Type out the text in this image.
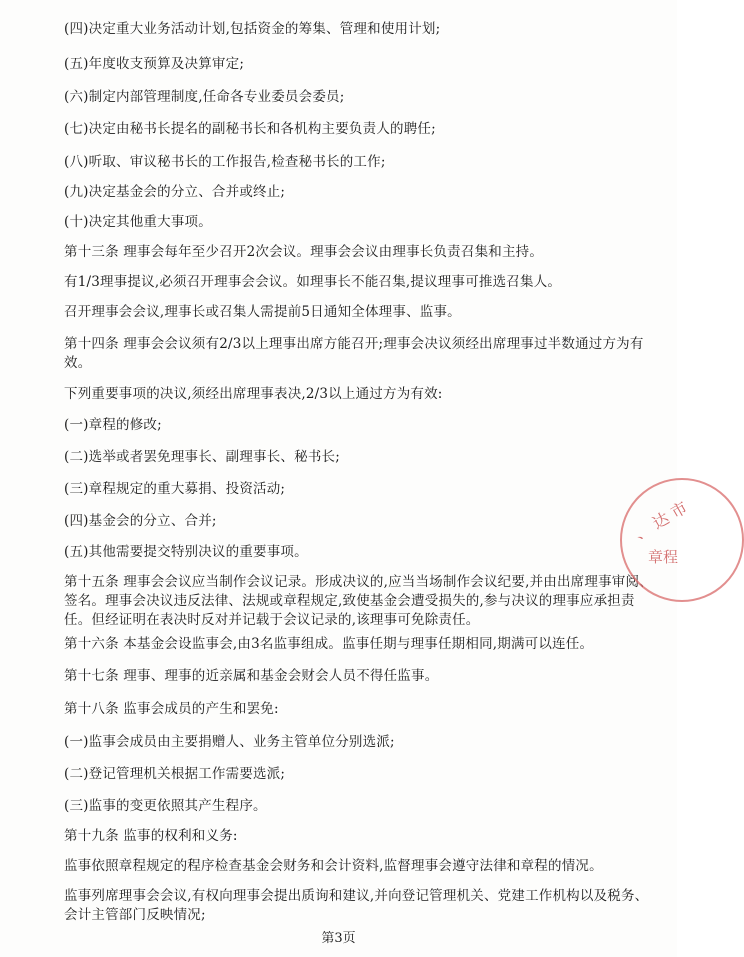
(四)决定重大业务活动计划,包括资金的筹集、管理和使用计划;
(五)年度收支预算及决算审定;
(六)制定内部管理制度,任命各专业委员会委员;
(七)决定由秘书长提名的副秘书长和各机构主要负责人的聘任;
(八)听取、审议秘书长的工作报告,检查秘书长的工作;
(九)决定基金会的分立、合并或终止;
(十)决定其他重大事项。
第十三条 理事会每年至少召开2次会议。理事会会议由理事长负责召集和主持。
有1/3理事提议,必须召开理事会会议。如理事长不能召集,提议理事可推选召集人。
召开理事会会议,理事长或召集人需提前5日通知全体理事、监事。
第十四条 理事会会议须有2/3以上理事出席方能召开;理事会决议须经出席理事过半数通过方为有效。
下列重要事项的决议,须经出席理事表决,2/3以上通过方为有效:
(一)章程的修改;
(二)选举或者罢免理事长、副理事长、秘书长;
(三)章程规定的重大募捐、投资活动;
(四)基金会的分立、合并;
(五)其他需要提交特别决议的重要事项。
第十五条 理事会会议应当制作会议记录。形成决议的,应当当场制作会议纪要,并由出席理事审阅、签名。理事会决议违反法律、法规或章程规定,致使基金会遭受损失的,参与决议的理事应承担责任。但经证明在表决时反对并记载于会议记录的,该理事可免除责任。
第十六条 本基金会设监事会,由3名监事组成。监事任期与理事任期相同,期满可以连任。
第十七条 理事、理事的近亲属和基金会财会人员不得任监事。
第十八条 监事会成员的产生和罢免:
(一)监事会成员由主要捐赠人、业务主管单位分别选派;
(二)登记管理机关根据工作需要选派;
(三)监事的变更依照其产生程序。
第十九条 监事的权利和义务:
监事依照章程规定的程序检查基金会财务和会计资料,监督理事会遵守法律和章程的情况。
监事列席理事会会议,有权向理事会提出质询和建议,并向登记管理机关、党建工作机构以及税务、会计主管部门反映情况;
第3页
、 达 市
章程
